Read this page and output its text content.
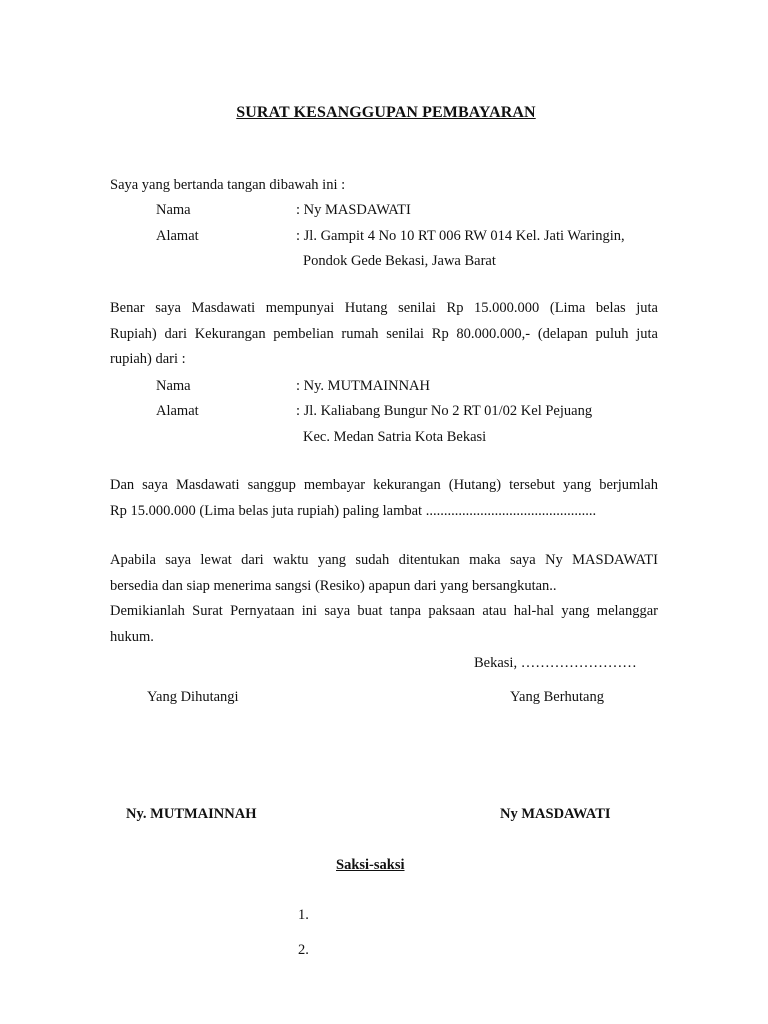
SURAT KESANGGUPAN PEMBAYARAN
Saya yang bertanda tangan dibawah ini :
Nama	: Ny MASDAWATI
Alamat	: Jl. Gampit 4 No 10 RT 006 RW 014 Kel. Jati Waringin,
Pondok Gede Bekasi, Jawa Barat
Benar saya Masdawati mempunyai Hutang senilai Rp 15.000.000 (Lima belas juta
Rupiah) dari Kekurangan pembelian rumah senilai Rp 80.000.000,- (delapan puluh juta
rupiah) dari :
Nama	: Ny. MUTMAINNAH
Alamat	: Jl. Kaliabang Bungur No 2 RT 01/02 Kel Pejuang
Kec. Medan Satria Kota Bekasi
Dan saya Masdawati sanggup membayar kekurangan (Hutang) tersebut yang berjumlah
Rp 15.000.000 (Lima belas juta rupiah) paling lambat ...............................................
Apabila saya lewat dari waktu yang sudah ditentukan maka saya Ny MASDAWATI
bersedia dan siap menerima sangsi (Resiko) apapun dari yang bersangkutan..
Demikianlah Surat Pernyataan ini saya buat tanpa paksaan atau hal-hal yang melanggar
hukum.
Bekasi, ……………………
Yang Dihutangi	Yang Berhutang
Ny. MUTMAINNAH	Ny MASDAWATI
Saksi-saksi
1.
2.
